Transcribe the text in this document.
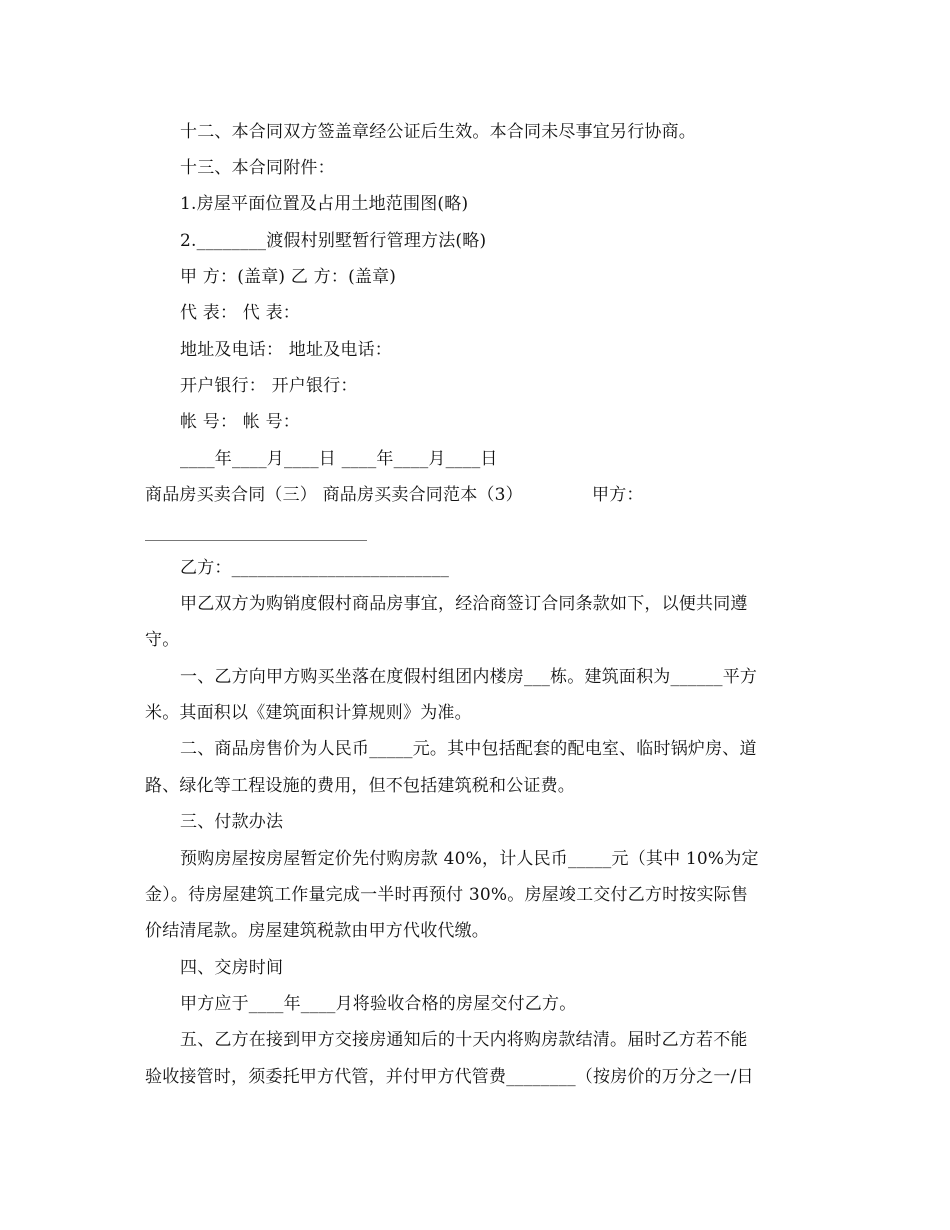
十二、本合同双方签盖章经公证后生效。本合同未尽事宜另行协商。
十三、本合同附件：
1.房屋平面位置及占用土地范围图(略)
2.________渡假村别墅暂行管理方法(略)
甲 方：(盖章) 乙 方：(盖章)
代 表： 代 表：
地址及电话： 地址及电话：
开户银行： 开户银行：
帐 号： 帐 号：
____年____月____日 ____年____月____日
商品房买卖合同（三） 商品房买卖合同范本（3）	甲方：
乙方：_________________________
甲乙双方为购销度假村商品房事宜，经洽商签订合同条款如下，以便共同遵
守。
一、乙方向甲方购买坐落在度假村组团内楼房___栋。建筑面积为______平方
米。其面积以《建筑面积计算规则》为准。
二、商品房售价为人民币_____元。其中包括配套的配电室、临时锅炉房、道
路、绿化等工程设施的费用，但不包括建筑税和公证费。
三、付款办法
预购房屋按房屋暂定价先付购房款 40%，计人民币_____元（其中 10%为定
金）。待房屋建筑工作量完成一半时再预付 30%。房屋竣工交付乙方时按实际售
价结清尾款。房屋建筑税款由甲方代收代缴。
四、交房时间
甲方应于____年____月将验收合格的房屋交付乙方。
五、乙方在接到甲方交接房通知后的十天内将购房款结清。届时乙方若不能
验收接管时，须委托甲方代管，并付甲方代管费________（按房价的万分之一/日
